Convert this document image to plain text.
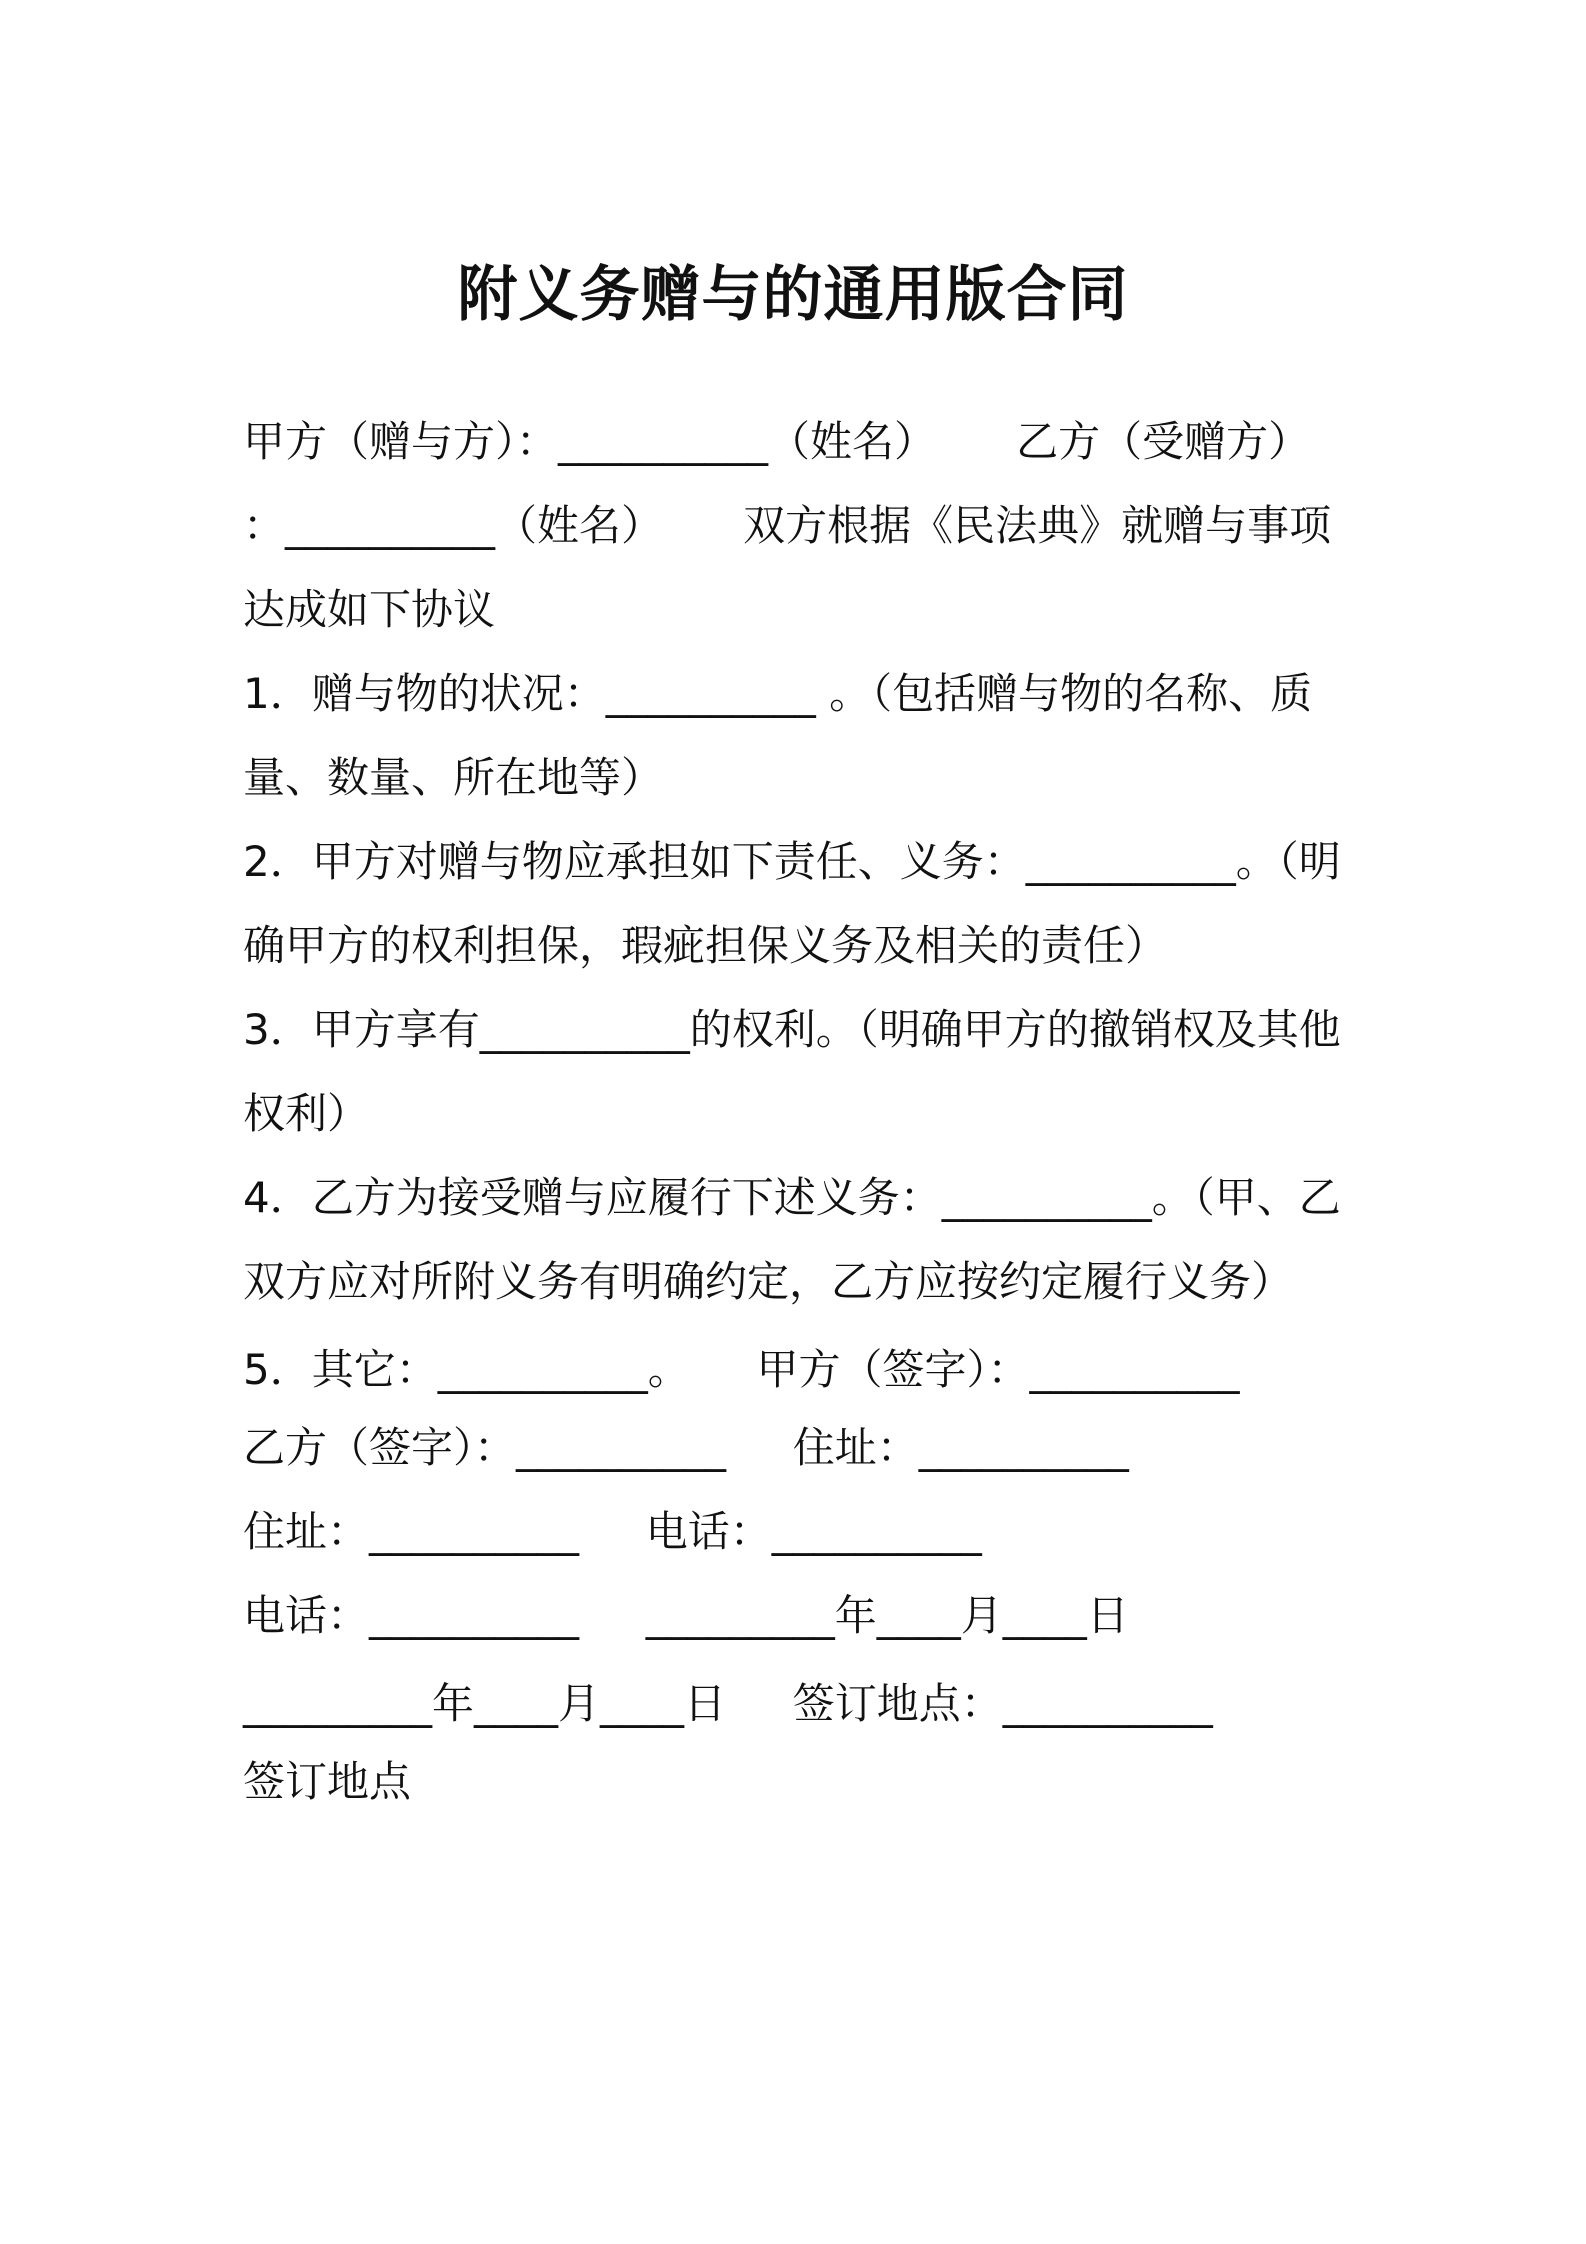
附义务赠与的通用版合同
甲方（赠与方）：__________（姓名）      乙方（受赠方）
：__________（姓名）      双方根据《民法典》就赠与事项
达成如下协议
1．赠与物的状况：__________ 。（包括赠与物的名称、质
量、数量、所在地等）
2．甲方对赠与物应承担如下责任、义务：__________。（明
确甲方的权利担保，瑕疵担保义务及相关的责任）
3．甲方享有__________的权利。（明确甲方的撤销权及其他
权利）
4．乙方为接受赠与应履行下述义务：__________。（甲、乙
双方应对所附义务有明确约定，乙方应按约定履行义务）
5．其它：__________。     甲方（签字）：__________
乙方（签字）：__________     住址：__________
住址：__________     电话：__________
电话：__________     _________年____月____日
_________年____月____日     签订地点：__________
签订地点
